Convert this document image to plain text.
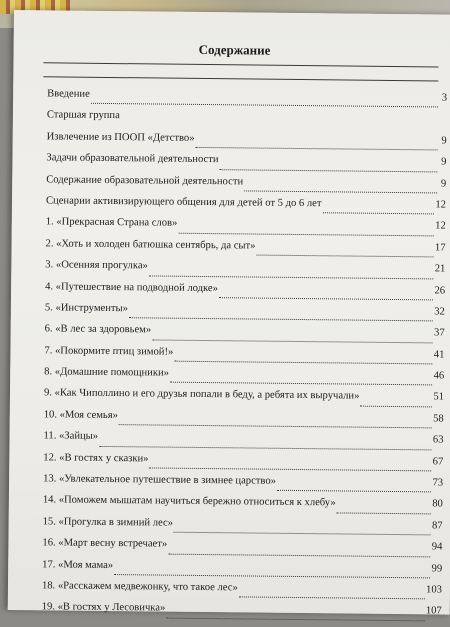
Содержание
Введение	3
Старшая группа
Извлечение из ПООП «Детство»	9
Задачи образовательной деятельности	9
Содержание образовательной деятельности	9
Сценарии активизирующего общения для детей от 5 до 6 лет	12
1. «Прекрасная Страна слов»	12
2. «Хоть и холоден батюшка сентябрь, да сыт»	17
3. «Осенняя прогулка»	21
4. «Путешествие на подводной лодке»	26
5. «Инструменты»	32
6. «В лес за здоровьем»	37
7. «Покормите птиц зимой!»	41
8. «Домашние помощники»	46
9. «Как Чиполлино и его друзья попали в беду, а ребята их выручали»	51
10. «Моя семья»	58
11. «Зайцы»	63
12. «В гостях у сказки»	67
13. «Увлекательное путешествие в зимнее царство»	73
14. «Поможем мышатам научиться бережно относиться к хлебу»	80
15. «Прогулка в зимний лес»	87
16. «Март весну встречает»	94
17. «Моя мама»	99
18. «Расскажем медвежонку, что такое лес»	103
19. «В гостях у Лесовичка»	107
